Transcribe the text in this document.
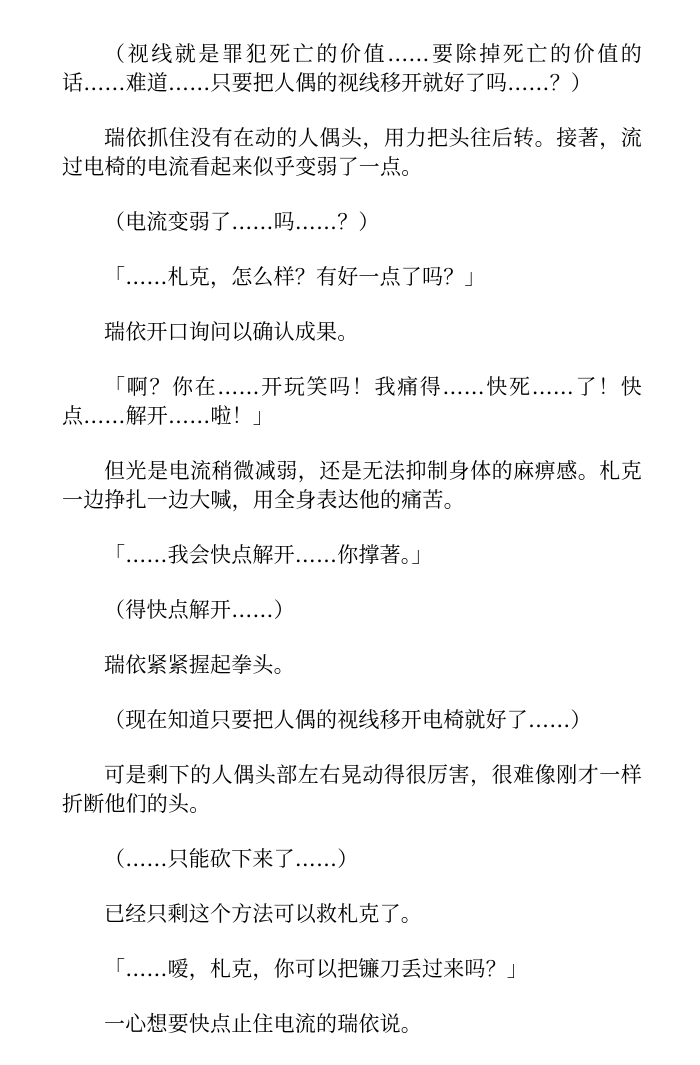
（视线就是罪犯死亡的价值……要除掉死亡的价值的话……难道……只要把人偶的视线移开就好了吗……？）

瑞依抓住没有在动的人偶头，用力把头往后转。接著，流过电椅的电流看起来似乎变弱了一点。

（电流变弱了……吗……？）

「……札克，怎么样？有好一点了吗？」

瑞依开口询问以确认成果。

「啊？你在……开玩笑吗！我痛得……快死……了！快点……解开……啦！」

但光是电流稍微减弱，还是无法抑制身体的麻痹感。札克一边挣扎一边大喊，用全身表达他的痛苦。

「……我会快点解开……你撑著。」

（得快点解开……）

瑞依紧紧握起拳头。

（现在知道只要把人偶的视线移开电椅就好了……）

可是剩下的人偶头部左右晃动得很厉害，很难像刚才一样折断他们的头。

（……只能砍下来了……）

已经只剩这个方法可以救札克了。

「……嗳，札克，你可以把镰刀丢过来吗？」

一心想要快点止住电流的瑞依说。
